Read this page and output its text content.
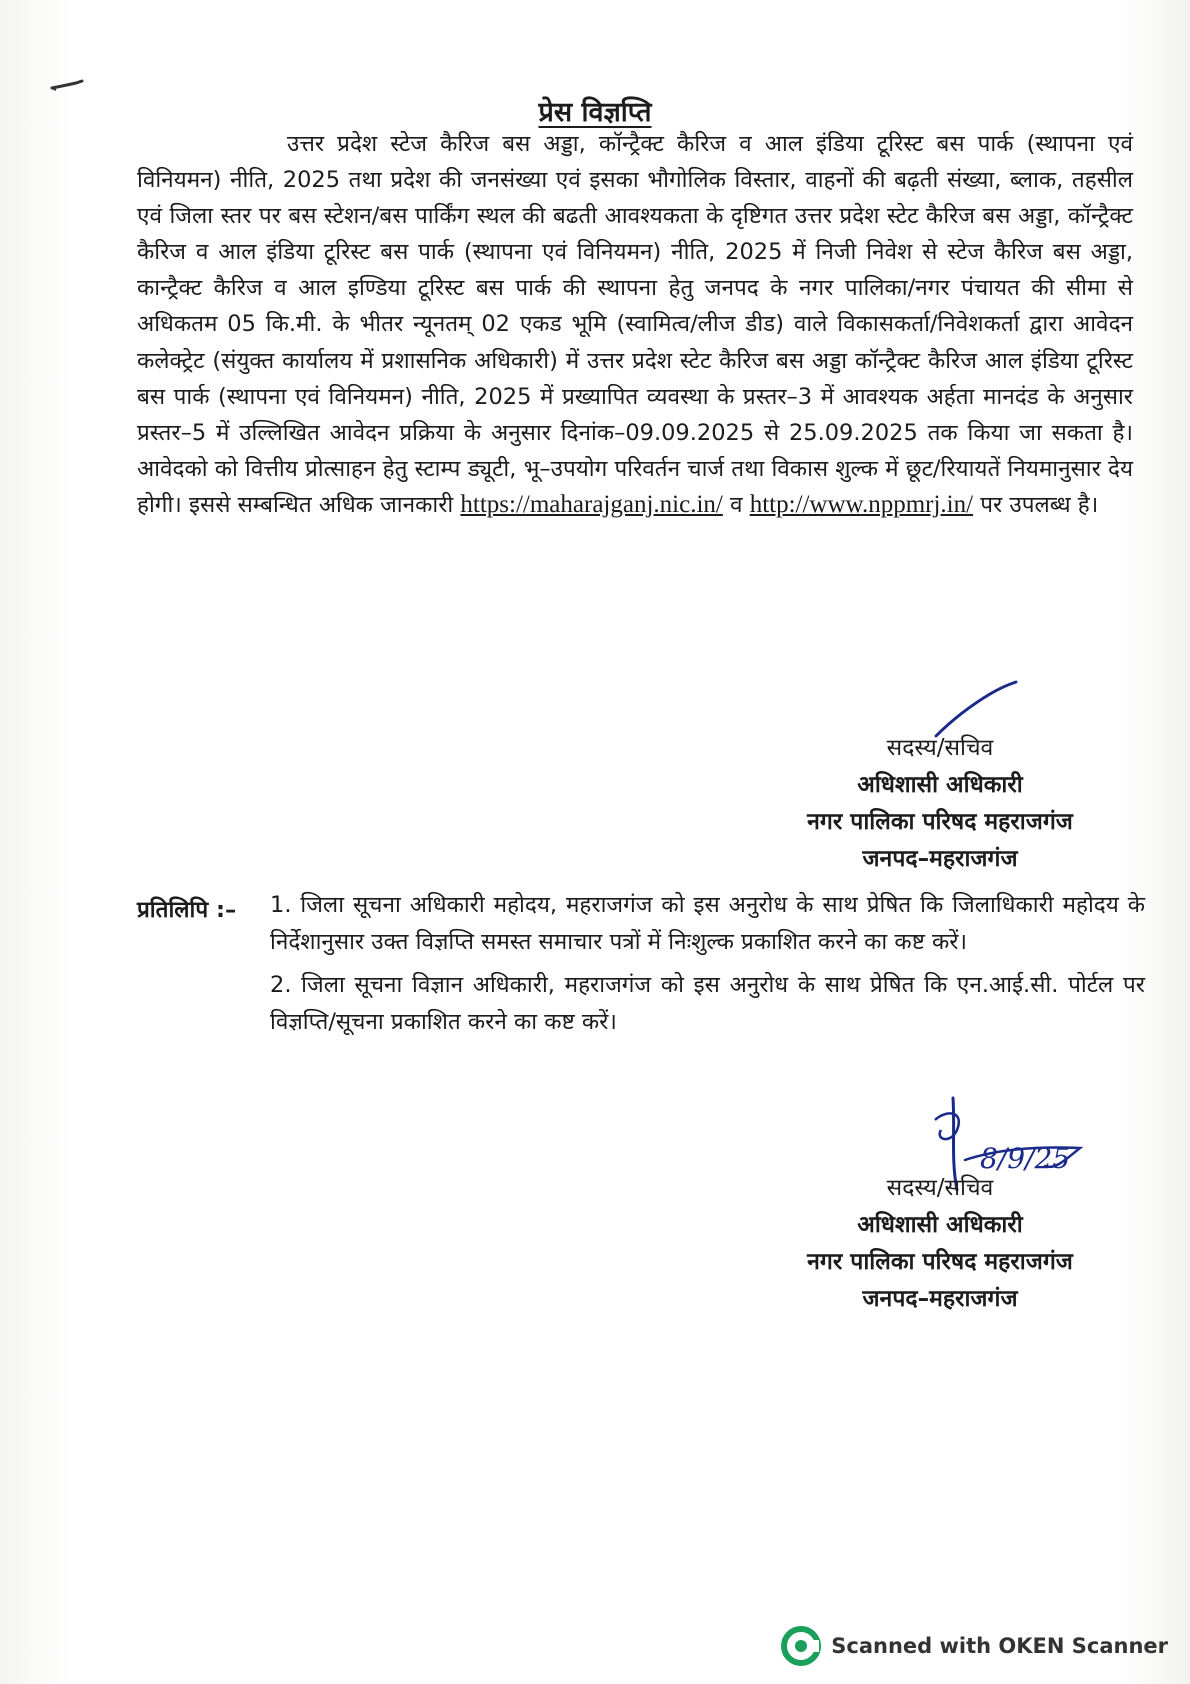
प्रेस विज्ञप्ति
उत्तर प्रदेश स्टेज कैरिज बस अड्डा, कॉन्ट्रैक्ट कैरिज व आल इंडिया टूरिस्ट बस पार्क (स्थापना एवं विनियमन) नीति, 2025 तथा प्रदेश की जनसंख्या एवं इसका भौगोलिक विस्तार, वाहनों की बढ़ती संख्या, ब्लाक, तहसील एवं जिला स्तर पर बस स्टेशन/बस पार्किंग स्थल की बढती आवश्यकता के दृष्टिगत उत्तर प्रदेश स्टेट कैरिज बस अड्डा, कॉन्ट्रैक्ट कैरिज व आल इंडिया टूरिस्ट बस पार्क (स्थापना एवं विनियमन) नीति, 2025 में निजी निवेश से स्टेज कैरिज बस अड्डा, कान्ट्रैक्ट कैरिज व आल इण्डिया टूरिस्ट बस पार्क की स्थापना हेतु जनपद के नगर पालिका/नगर पंचायत की सीमा से अधिकतम 05 कि.मी. के भीतर न्यूनतम् 02 एकड भूमि (स्वामित्व/लीज डीड) वाले विकासकर्ता/निवेशकर्ता द्वारा आवेदन कलेक्ट्रेट (संयुक्त कार्यालय में प्रशासनिक अधिकारी) में उत्तर प्रदेश स्टेट कैरिज बस अड्डा कॉन्ट्रैक्ट कैरिज आल इंडिया टूरिस्ट बस पार्क (स्थापना एवं विनियमन) नीति, 2025 में प्रख्यापित व्यवस्था के प्रस्तर–3 में आवश्यक अर्हता मानदंड के अनुसार प्रस्तर–5 में उल्लिखित आवेदन प्रक्रिया के अनुसार दिनांक–09.09.2025 से 25.09.2025 तक किया जा सकता है। आवेदको को वित्तीय प्रोत्साहन हेतु स्टाम्प ड्यूटी, भू–उपयोग परिवर्तन चार्ज तथा विकास शुल्क में छूट/रियायतें नियमानुसार देय होगी। इससे सम्बन्धित अधिक जानकारी https://maharajganj.nic.in/ व http://www.nppmrj.in/ पर उपलब्ध है।
सदस्य/सचिव
अधिशासी अधिकारी
नगर पालिका परिषद महराजगंज
जनपद–महराजगंज
प्रतिलिपि :– 1. जिला सूचना अधिकारी महोदय, महराजगंज को इस अनुरोध के साथ प्रेषित कि जिलाधिकारी महोदय के निर्देशानुसार उक्त विज्ञप्ति समस्त समाचार पत्रों में निःशुल्क प्रकाशित करने का कष्ट करें।
2. जिला सूचना विज्ञान अधिकारी, महराजगंज को इस अनुरोध के साथ प्रेषित कि एन.आई.सी. पोर्टल पर विज्ञप्ति/सूचना प्रकाशित करने का कष्ट करें।
8/9/25
सदस्य/सचिव
अधिशासी अधिकारी
नगर पालिका परिषद महराजगंज
जनपद–महराजगंज
Scanned with OKEN Scanner
